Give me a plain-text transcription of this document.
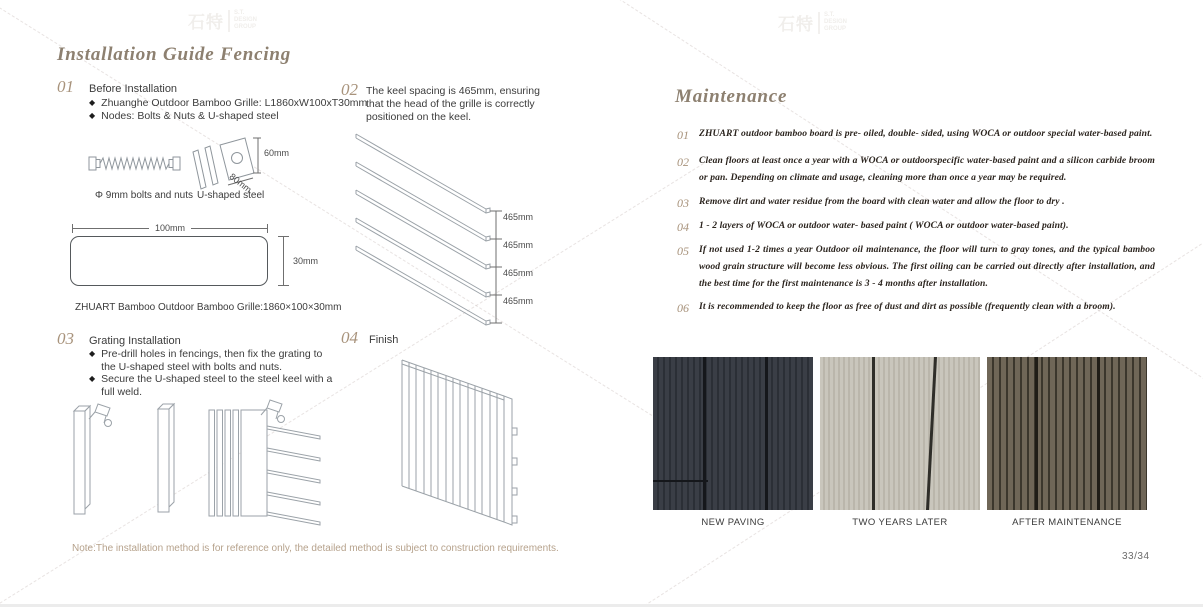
石特 S.T.
DESIGN
GROUP	石特 S.T.
DESIGN
GROUP
Installation Guide Fencing
01 Before Installation
◆ Zhuanghe Outdoor Bamboo Grille: L1860xW100xT30mm
◆ Nodes: Bolts & Nuts & U-shaped steel
Φ 9mm bolts and nuts
60mm
80mm
U-shaped steel
100mm
30mm
ZHUART Bamboo Outdoor Bamboo Grille:1860×100×30mm
03 Grating Installation
◆ Pre-drill holes in fencings, then fix the grating to the U-shaped steel with bolts and nuts.
◆ Secure the U-shaped steel to the steel keel with a full weld.
02 The keel spacing is 465mm, ensuring that the head of the grille is correctly positioned on the keel.
465mm
465mm
465mm
465mm
04 Finish
Note:The installation method is for reference only, the detailed method is subject to construction requirements.
Maintenance
01 ZHUART outdoor bamboo board is pre- oiled, double- sided, using WOCA or outdoor special water-based paint.
02 Clean floors at least once a year with a WOCA or outdoorspecific water-based paint and a silicon carbide broom or pan. Depending on climate and usage, cleaning more than once a year may be required.
03 Remove dirt and water residue from the board with clean water and allow the floor to dry .
04 1 - 2 layers of WOCA or outdoor water- based paint ( WOCA or outdoor water-based paint).
05 If not used 1-2 times a year Outdoor oil maintenance, the floor will turn to gray tones, and the typical bamboo wood grain structure will become less obvious. The first oiling can be carried out directly after installation, and the best time for the first maintenance is 3 - 4 months after installation.
06 It is recommended to keep the floor as free of dust and dirt as possible (frequently clean with a broom).
NEW PAVING	TWO YEARS LATER	AFTER MAINTENANCE
33/34
